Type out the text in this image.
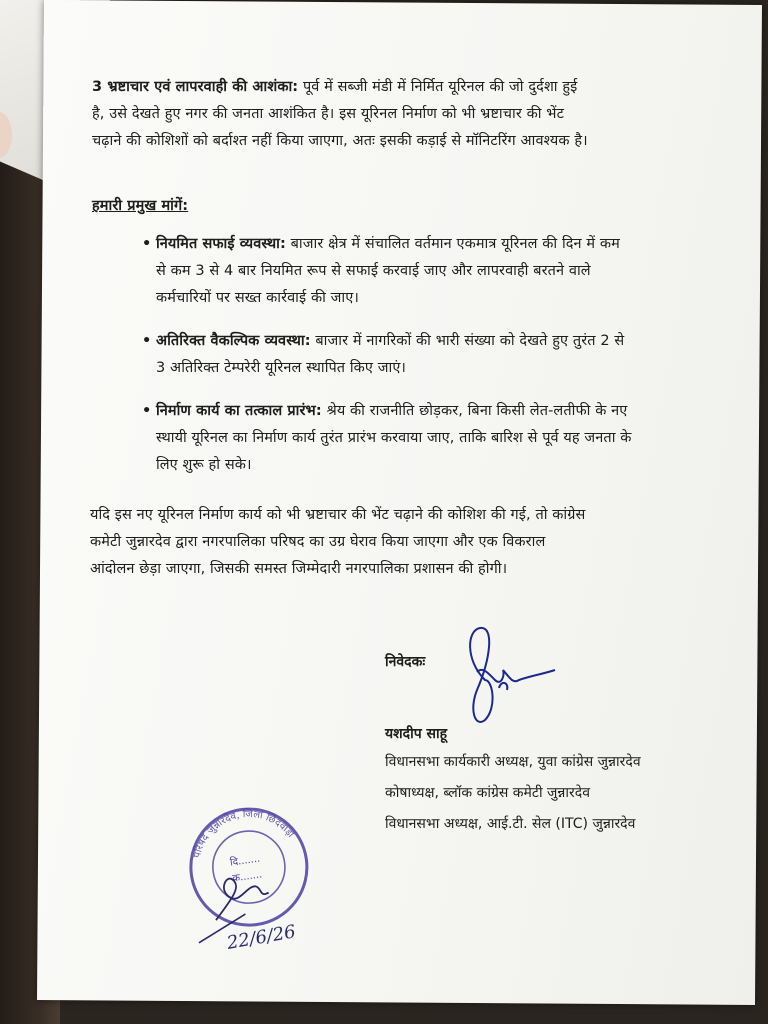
3 भ्रष्टाचार एवं लापरवाही की आशंका: पूर्व में सब्जी मंडी में निर्मित यूरिनल की जो दुर्दशा हुई
है, उसे देखते हुए नगर की जनता आशंकित है। इस यूरिनल निर्माण को भी भ्रष्टाचार की भेंट
चढ़ाने की कोशिशों को बर्दाश्त नहीं किया जाएगा, अतः इसकी कड़ाई से मॉनिटरिंग आवश्यक है।
हमारी प्रमुख मांगें:
• नियमित सफाई व्यवस्था: बाजार क्षेत्र में संचालित वर्तमान एकमात्र यूरिनल की दिन में कम
से कम 3 से 4 बार नियमित रूप से सफाई करवाई जाए और लापरवाही बरतने वाले
कर्मचारियों पर सख्त कार्रवाई की जाए।
• अतिरिक्त वैकल्पिक व्यवस्था: बाजार में नागरिकों की भारी संख्या को देखते हुए तुरंत 2 से
3 अतिरिक्त टेम्परेरी यूरिनल स्थापित किए जाएं।
• निर्माण कार्य का तत्काल प्रारंभ: श्रेय की राजनीति छोड़कर, बिना किसी लेत-लतीफी के नए
स्थायी यूरिनल का निर्माण कार्य तुरंत प्रारंभ करवाया जाए, ताकि बारिश से पूर्व यह जनता के
लिए शुरू हो सके।
यदि इस नए यूरिनल निर्माण कार्य को भी भ्रष्टाचार की भेंट चढ़ाने की कोशिश की गई, तो कांग्रेस
कमेटी जुन्नारदेव द्वारा नगरपालिका परिषद का उग्र घेराव किया जाएगा और एक विकराल
आंदोलन छेड़ा जाएगा, जिसकी समस्त जिम्मेदारी नगरपालिका प्रशासन की होगी।
निवेदकः
यशदीप साहू
विधानसभा कार्यकारी अध्यक्ष, युवा कांग्रेस जुन्नारदेव
कोषाध्यक्ष, ब्लॉक कांग्रेस कमेटी जुन्नारदेव
विधानसभा अध्यक्ष, आई.टी. सेल (ITC) जुन्नारदेव
परिषद जुन्नारदेव, जिला छिंदवाड़ा
दि.......
क्र.......
22/6/26
